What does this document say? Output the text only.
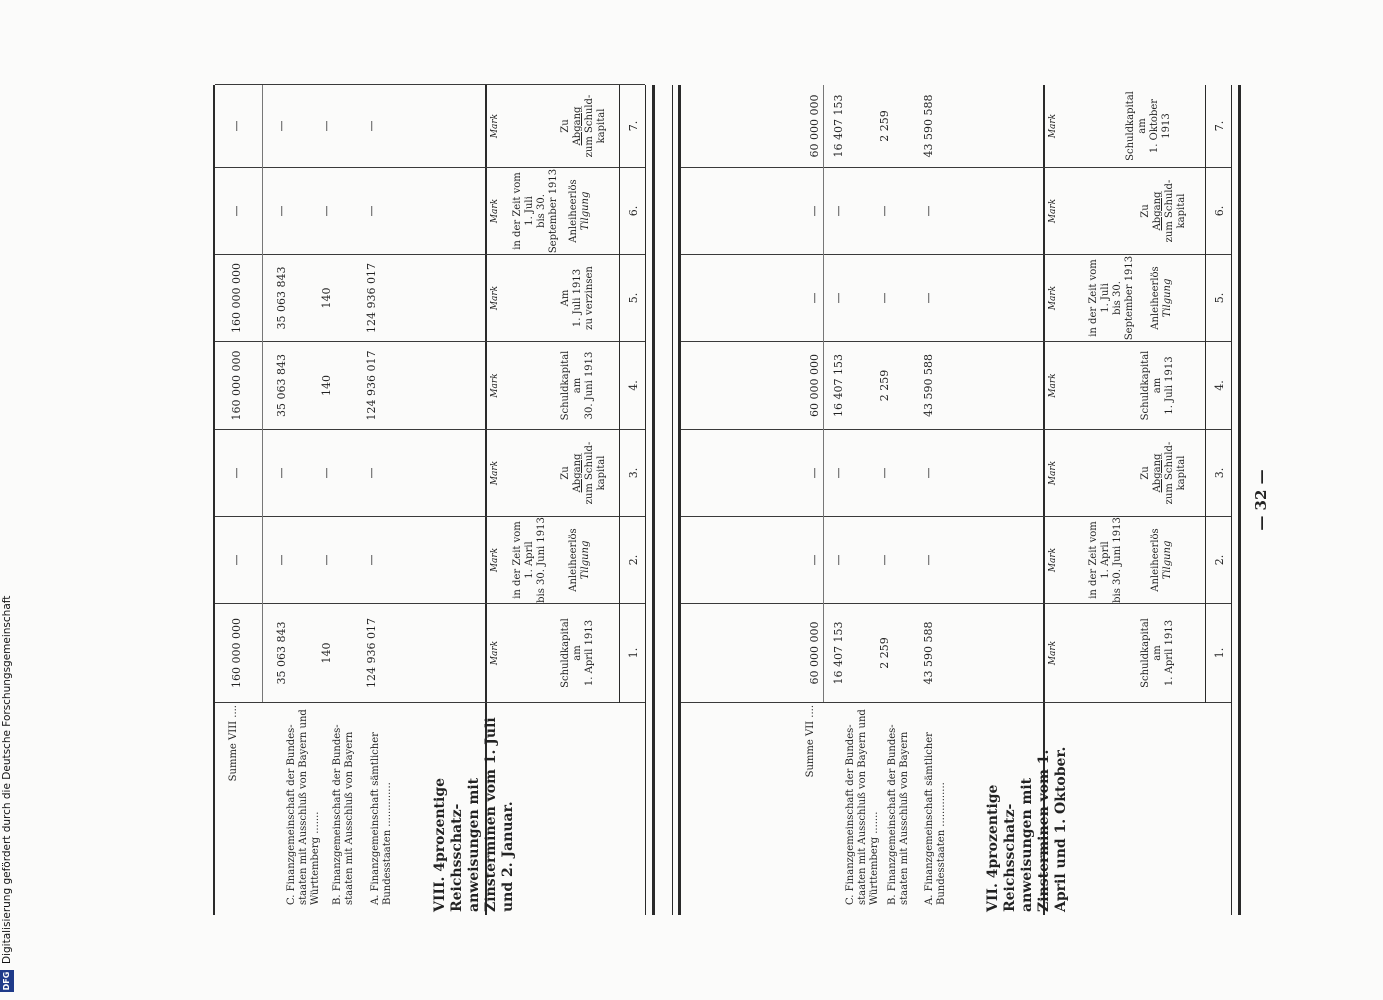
— 32 —
1.
2.
3.
4.
5.
6.
7.
Schuldkapital am 1. April 1913
Anleiheerlös Tilgung
in der Zeit vom 1. April bis 30. Juni 1913
Zu Abgang zum Schuld- kapital
Schuldkapital am 1. Juli 1913
Anleiheerlös Tilgung
in der Zeit vom 1. Juli bis 30. September 1913
Zu Abgang zum Schuld- kapital
Schuldkapital am 1. Oktober 1913
Mark
Mark
Mark
Mark
Mark
Mark
Mark
VII. 4prozentige Reichsschatz-anweisungen mit Zinsterminen vom 1. April und 1. Oktober.
A. Finanzgemeinschaft sämtlicher Bundesstaaten ..............
B. Finanzgemeinschaft der Bundes-staaten mit Ausschluß von Bayern
C. Finanzgemeinschaft der Bundes-staaten mit Ausschluß von Bayern und Württemberg .......
Summe VII ....
43 590 588
—
—
43 590 588
—
—
43 590 588
2 259
—
—
2 259
—
—
2 259
16 407 153
—
—
16 407 153
—
—
16 407 153
60 000 000
—
—
60 000 000
—
—
60 000 000
1.
2.
3.
4.
5.
6.
7.
Schuldkapital am 1. April 1913
Anleiheerlös Tilgung
in der Zeit vom 1. April bis 30. Juni 1913
Zu Abgang zum Schuld- kapital
Schuldkapital am 30. Juni 1913
Am 1. Juli 1913 zu verzinsen
Anleiheerlös Tilgung
in der Zeit vom 1. Juli bis 30. September 1913
Zu Abgang zum Schuld- kapital
Mark
Mark
Mark
Mark
Mark
Mark
Mark
VIII. 4prozentige Reichsschatz-anweisungen mit Zinsterminen vom 1. Juli und 2. Januar.
A. Finanzgemeinschaft sämtlicher Bundesstaaten ..............
B. Finanzgemeinschaft der Bundes-staaten mit Ausschluß von Bayern
C. Finanzgemeinschaft der Bundes-staaten mit Ausschluß von Bayern und Württemberg .......
Summe VIII ....
124 936 017
—
—
124 936 017
124 936 017
—
—
140
—
—
140
140
—
—
35 063 843
—
—
35 063 843
35 063 843
—
—
160 000 000
—
—
160 000 000
160 000 000
—
—
DFG
Digitalisierung gefördert durch die Deutsche Forschungsgemeinschaft
